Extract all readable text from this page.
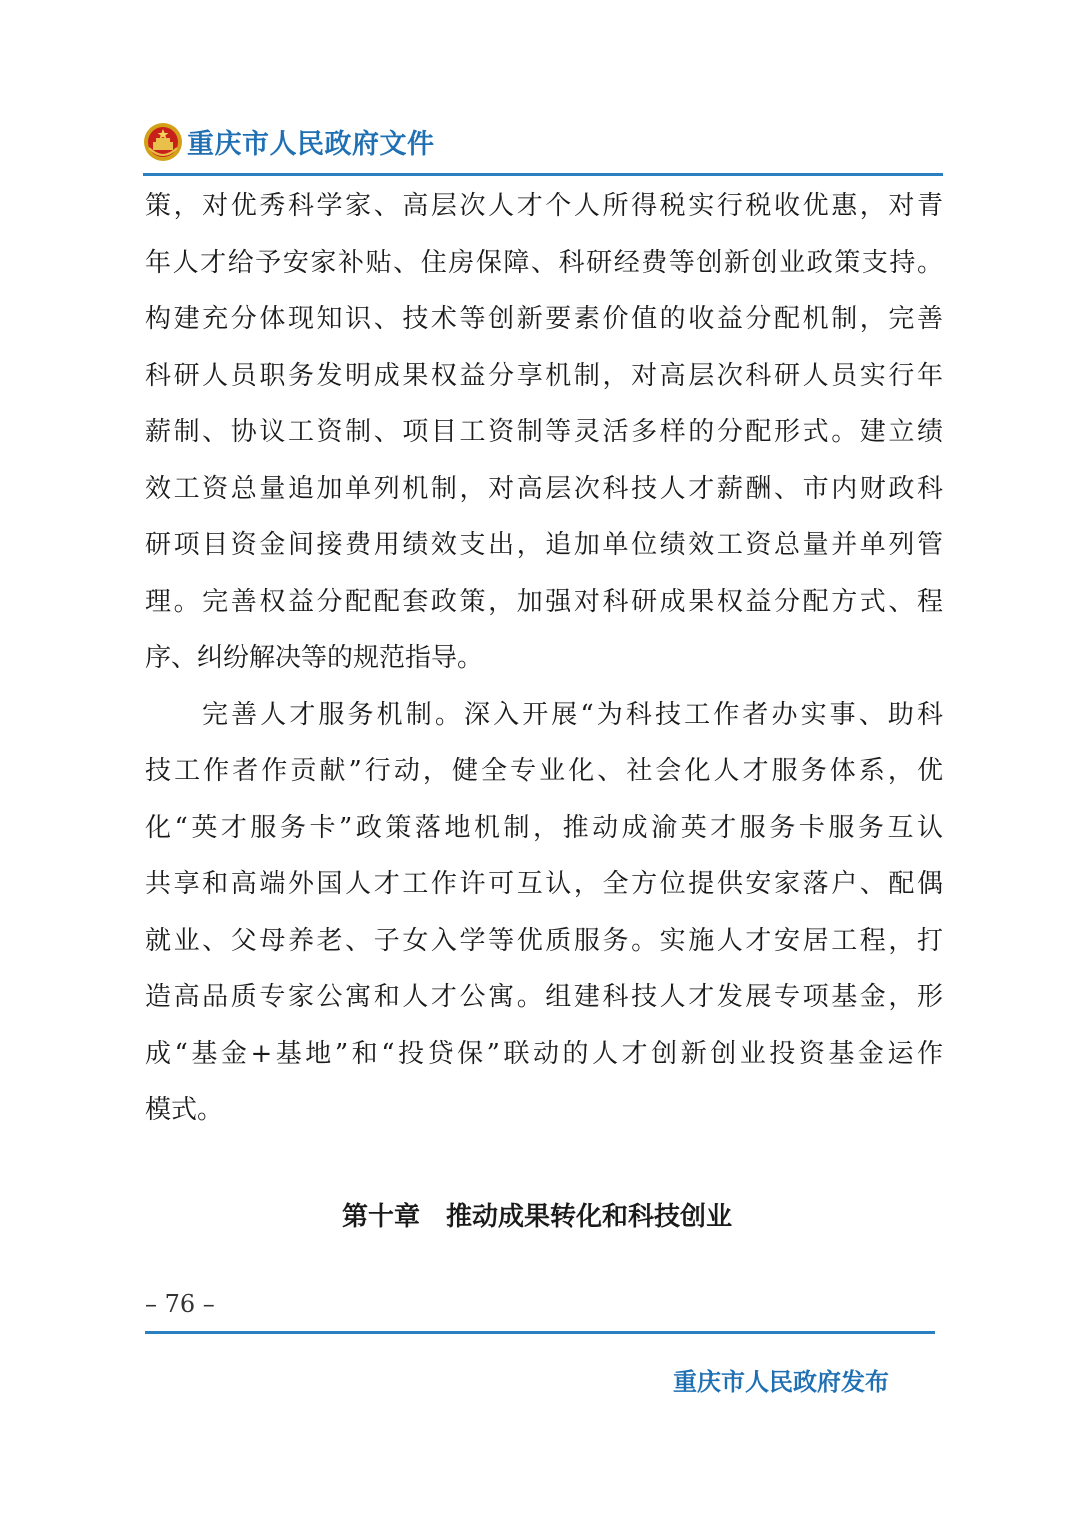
重庆市人民政府文件
策，对优秀科学家、高层次人才个人所得税实行税收优惠，对青
年人才给予安家补贴、住房保障、科研经费等创新创业政策支持。
构建充分体现知识、技术等创新要素价值的收益分配机制，完善
科研人员职务发明成果权益分享机制，对高层次科研人员实行年
薪制、协议工资制、项目工资制等灵活多样的分配形式。建立绩
效工资总量追加单列机制，对高层次科技人才薪酬、市内财政科
研项目资金间接费用绩效支出，追加单位绩效工资总量并单列管
理。完善权益分配配套政策，加强对科研成果权益分配方式、程
序、纠纷解决等的规范指导。
完善人才服务机制。深入开展“为科技工作者办实事、助科
技工作者作贡献”行动，健全专业化、社会化人才服务体系，优
化“英才服务卡”政策落地机制，推动成渝英才服务卡服务互认
共享和高端外国人才工作许可互认，全方位提供安家落户、配偶
就业、父母养老、子女入学等优质服务。实施人才安居工程，打
造高品质专家公寓和人才公寓。组建科技人才发展专项基金，形
成“基金+基地”和“投贷保”联动的人才创新创业投资基金运作
模式。
第十章　推动成果转化和科技创业
– 76 –
重庆市人民政府发布
